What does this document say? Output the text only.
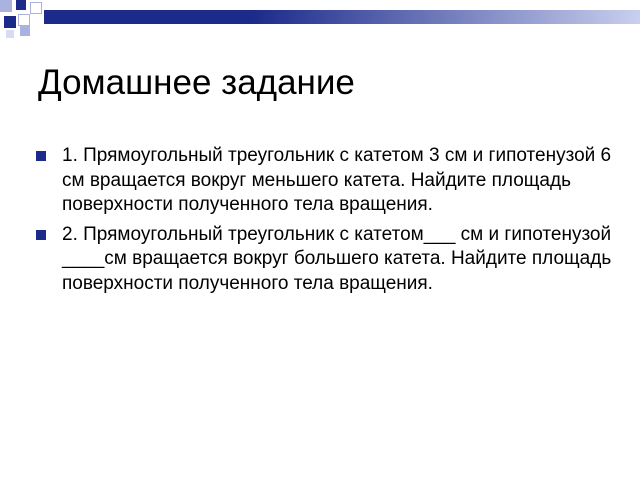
Домашнее задание
1. Прямоугольный треугольник с катетом 3 см и гипотенузой 6 см вращается вокруг меньшего катета. Найдите площадь поверхности полученного тела вращения.
2. Прямоугольный треугольник с катетом___ см и гипотенузой ____см вращается вокруг большего катета. Найдите площадь поверхности полученного тела вращения.
